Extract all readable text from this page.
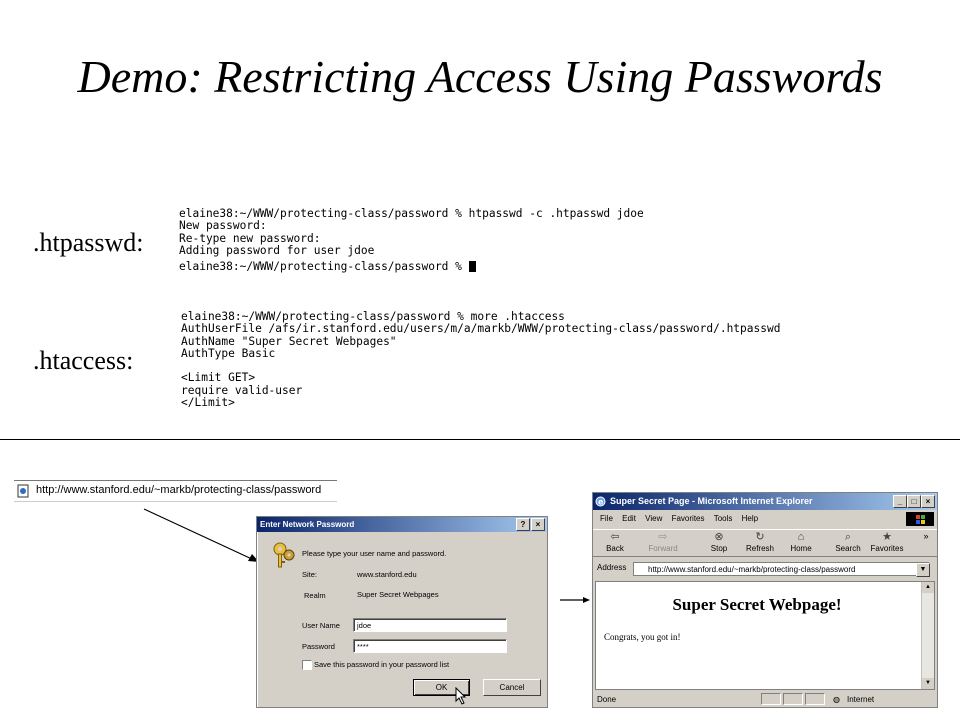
Demo: Restricting Access Using Passwords
.htpasswd:
elaine38:~/WWW/protecting-class/password % htpasswd -c .htpasswd jdoe
New password:
Re-type new password:
Adding password for user jdoe
elaine38:~/WWW/protecting-class/password %
.htaccess:
elaine38:~/WWW/protecting-class/password % more .htaccess
AuthUserFile /afs/ir.stanford.edu/users/m/a/markb/WWW/protecting-class/password/.htpasswd
AuthName "Super Secret Webpages"
AuthType Basic
<Limit GET>
require valid-user
</Limit>
http://www.stanford.edu/~markb/protecting-class/password
Enter Network Password	?	×
Please type your user name and password.
Site:	www.stanford.edu
Realm	Super Secret Webpages
User Name	jdoe
Password	****
Save this password in your password list
OK	Cancel
Super Secret Page - Microsoft Internet Explorer
e	_	□	×
File Edit View Favorites Tools Help
⇦
Back
⇨
Forward
⊗
Stop
↻
Refresh
⌂
Home
⌕
Search
★
Favorites
»
Address	http://www.stanford.edu/~markb/protecting-class/password	▼
Super Secret Webpage!
Congrats, you got in!
▲
▼
Done	◍ Internet
